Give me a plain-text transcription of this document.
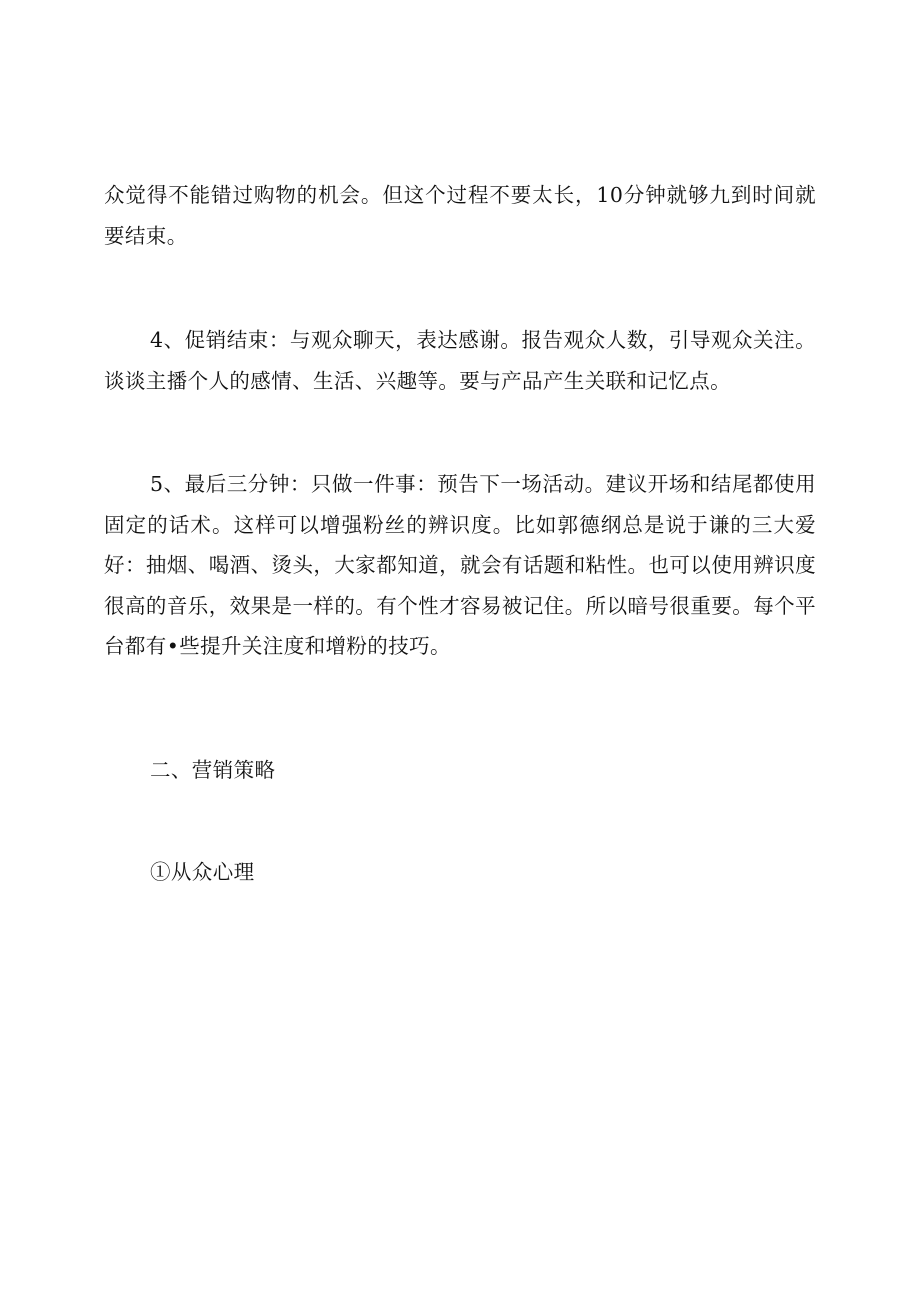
众觉得不能错过购物的机会。但这个过程不要太长，10分钟就够九到时间就要结束。

4、促销结束：与观众聊天，表达感谢。报告观众人数，引导观众关注。谈谈主播个人的感情、生活、兴趣等。要与产品产生关联和记忆点。

5、最后三分钟：只做一件事：预告下一场活动。建议开场和结尾都使用固定的话术。这样可以增强粉丝的辨识度。比如郭德纲总是说于谦的三大爱好：抽烟、喝酒、烫头，大家都知道，就会有话题和粘性。也可以使用辨识度很高的音乐，效果是一样的。有个性才容易被记住。所以暗号很重要。每个平台都有•些提升关注度和增粉的技巧。

二、营销策略

①从众心理
